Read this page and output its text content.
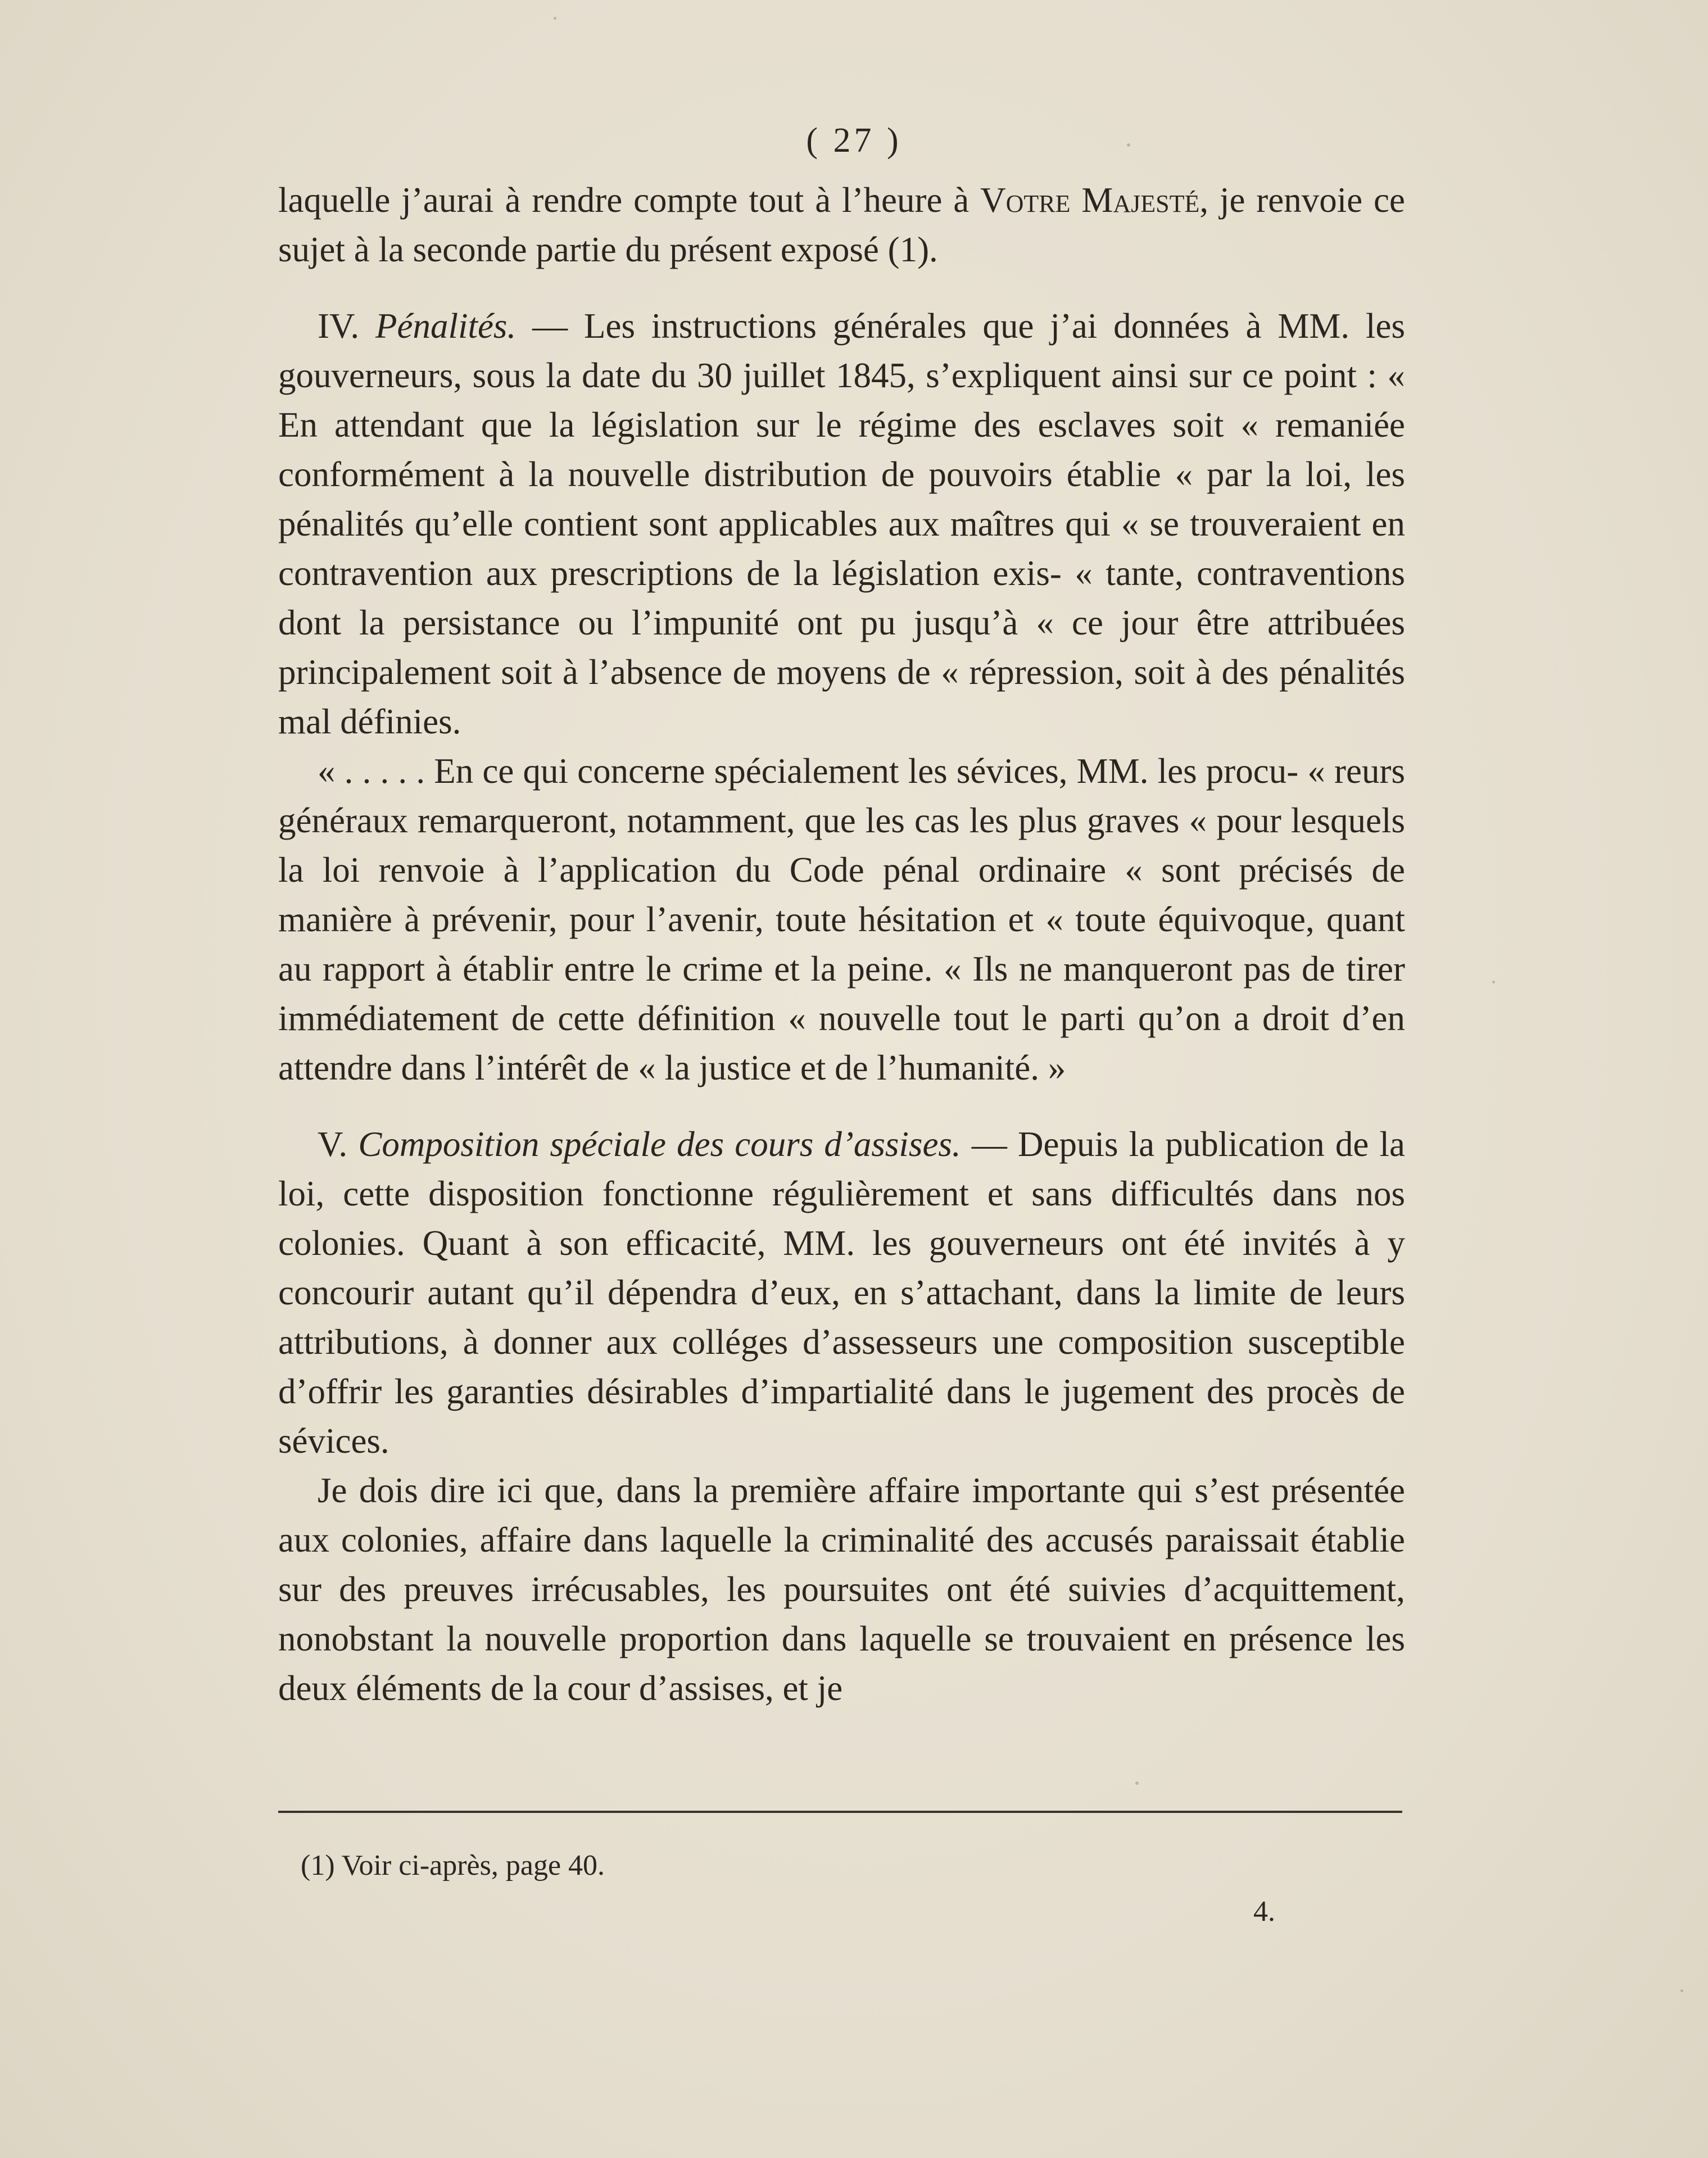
( 27 )

laquelle j’aurai à rendre compte tout à l’heure à Votre Majesté, je renvoie ce sujet à la seconde partie du présent exposé (1).

IV. Pénalités. — Les instructions générales que j’ai données à MM. les gouverneurs, sous la date du 30 juillet 1845, s’expliquent ainsi sur ce point : « En attendant que la législation sur le régime des esclaves soit « remaniée conformément à la nouvelle distribution de pouvoirs établie « par la loi, les pénalités qu’elle contient sont applicables aux maîtres qui « se trouveraient en contravention aux prescriptions de la législation exis- « tante, contraventions dont la persistance ou l’impunité ont pu jusqu’à « ce jour être attribuées principalement soit à l’absence de moyens de « répression, soit à des pénalités mal définies.

« . . . . . En ce qui concerne spécialement les sévices, MM. les procu- « reurs généraux remarqueront, notamment, que les cas les plus graves « pour lesquels la loi renvoie à l’application du Code pénal ordinaire « sont précisés de manière à prévenir, pour l’avenir, toute hésitation et « toute équivoque, quant au rapport à établir entre le crime et la peine. « Ils ne manqueront pas de tirer immédiatement de cette définition « nouvelle tout le parti qu’on a droit d’en attendre dans l’intérêt de « la justice et de l’humanité. »

V. Composition spéciale des cours d’assises. — Depuis la publication de la loi, cette disposition fonctionne régulièrement et sans difficultés dans nos colonies. Quant à son efficacité, MM. les gouverneurs ont été invités à y concourir autant qu’il dépendra d’eux, en s’attachant, dans la limite de leurs attributions, à donner aux colléges d’assesseurs une composition susceptible d’offrir les garanties désirables d’impartialité dans le jugement des procès de sévices.

Je dois dire ici que, dans la première affaire importante qui s’est présentée aux colonies, affaire dans laquelle la criminalité des accusés paraissait établie sur des preuves irrécusables, les poursuites ont été suivies d’acquittement, nonobstant la nouvelle proportion dans laquelle se trouvaient en présence les deux éléments de la cour d’assises, et je

(1) Voir ci-après, page 40.
4.
